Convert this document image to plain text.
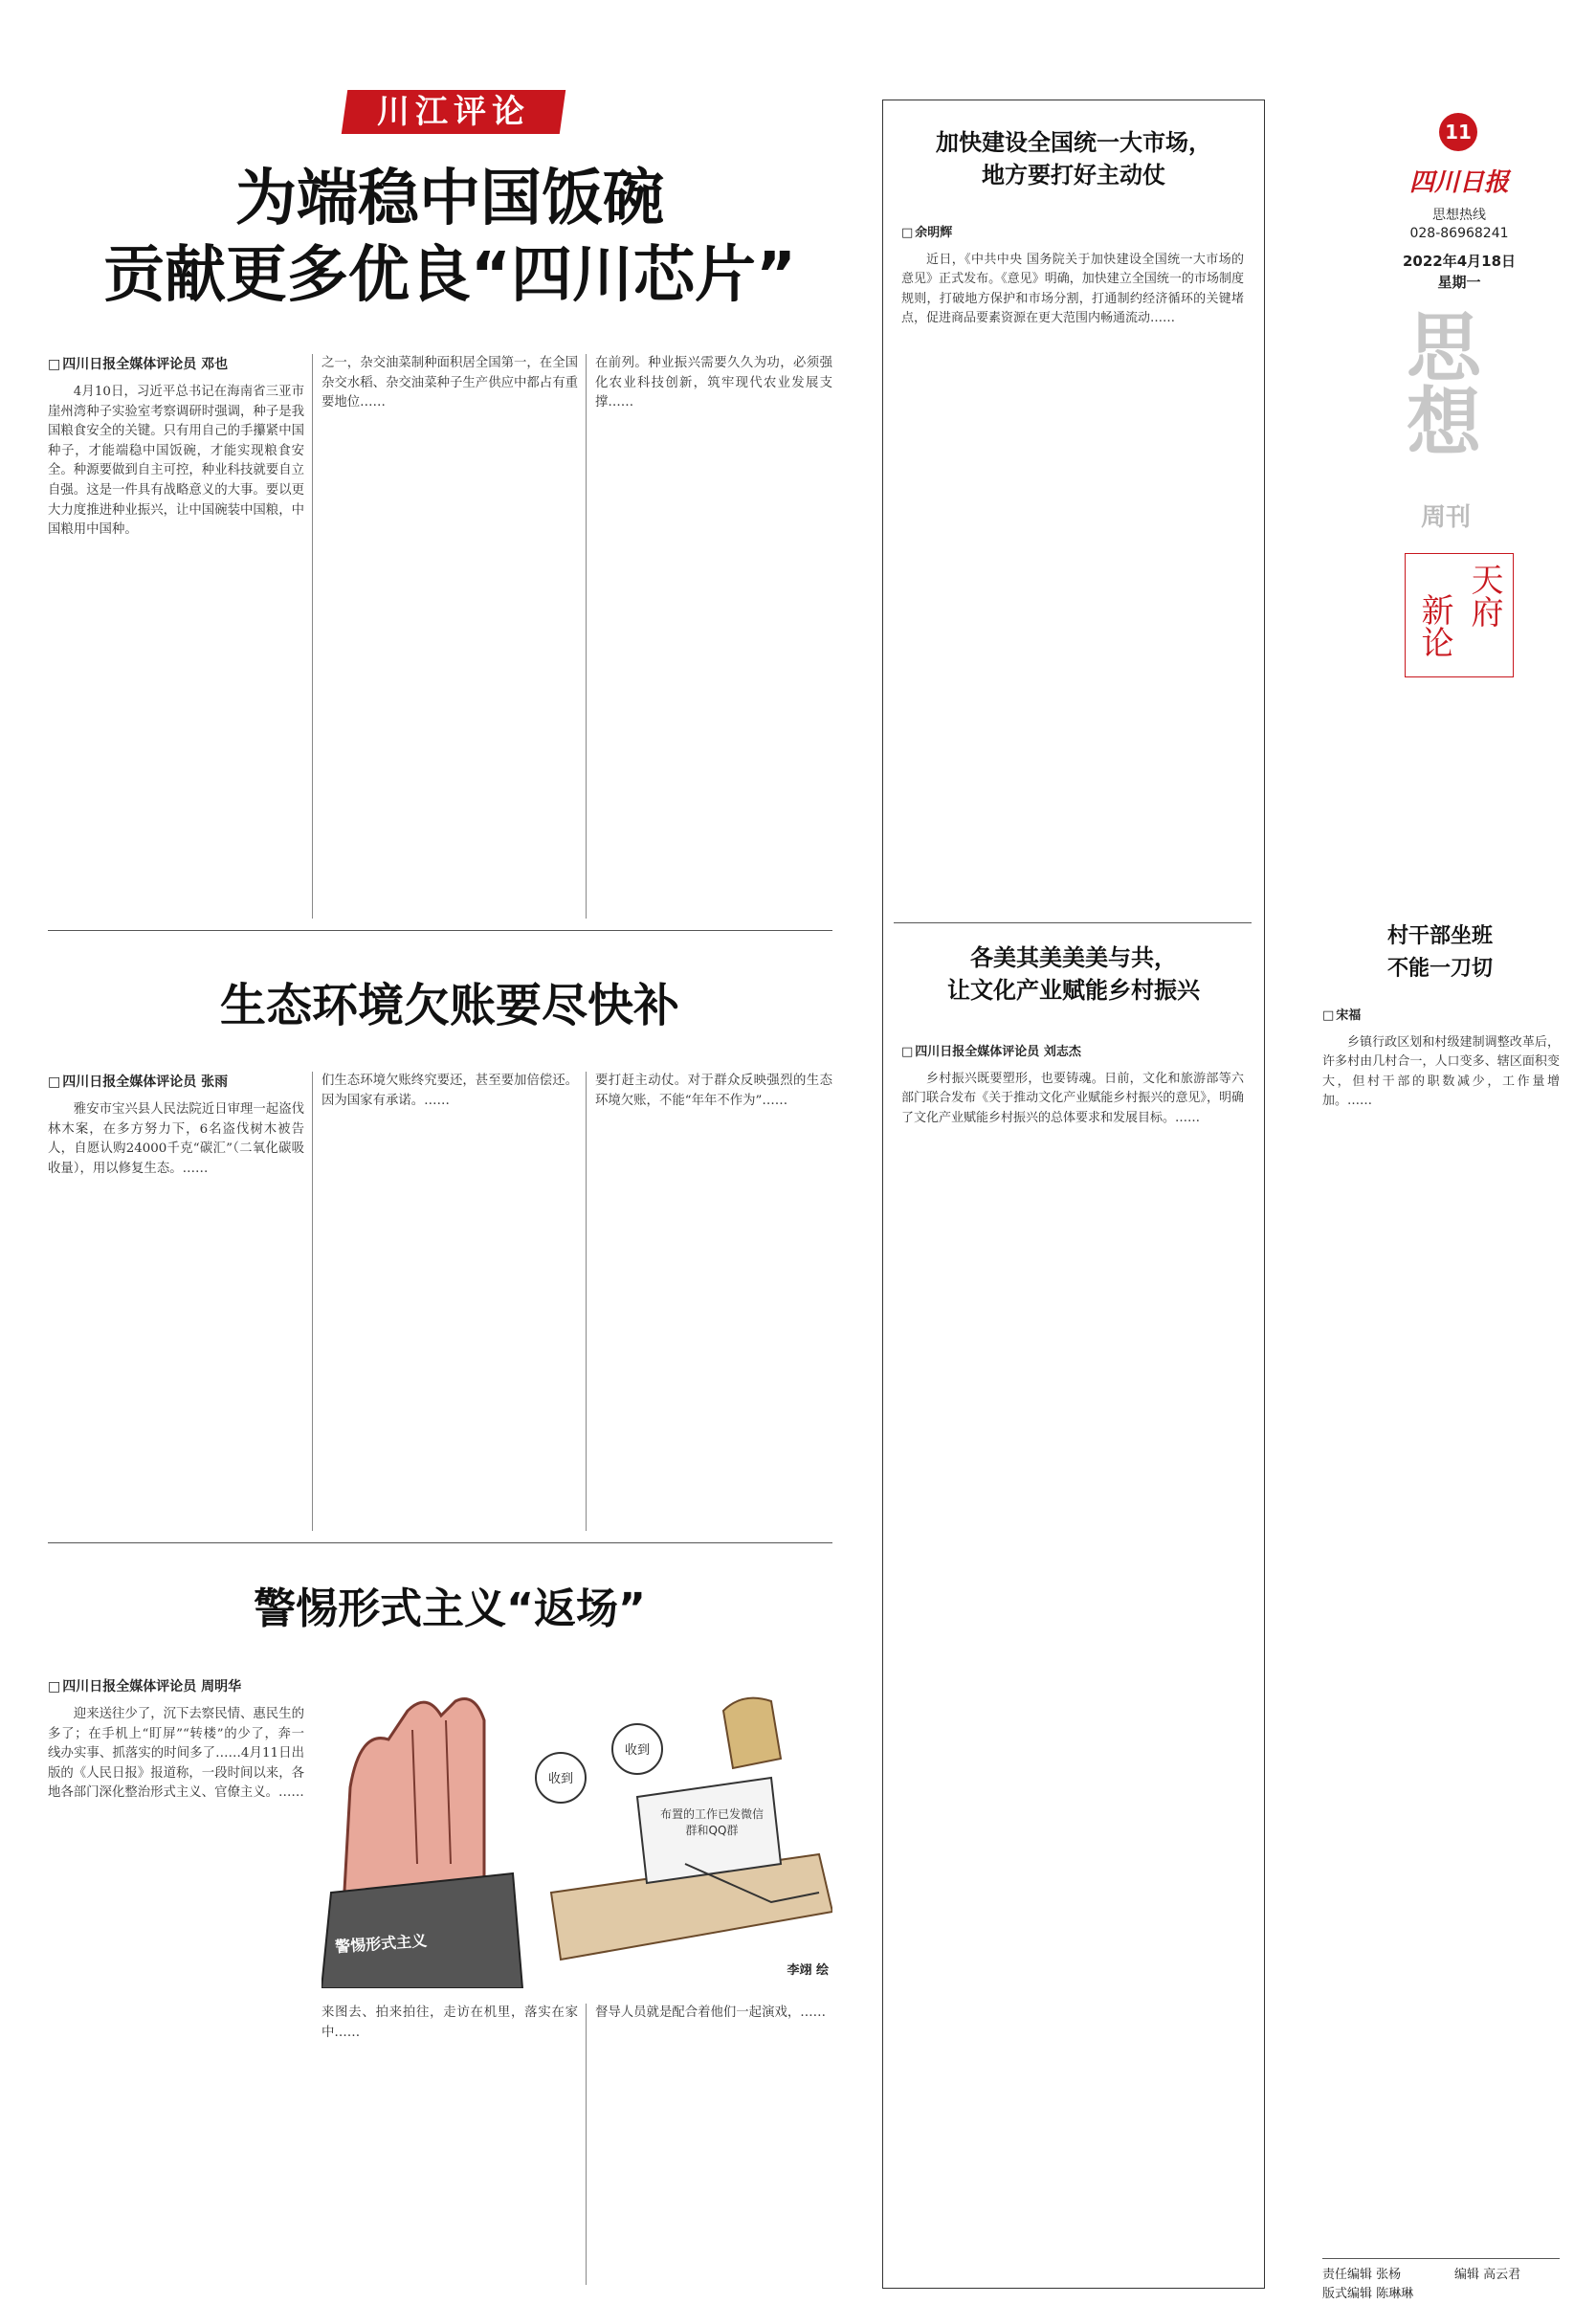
川江评论
为端稳中国饭碗
贡献更多优良“四川芯片”
□ 四川日报全媒体评论员 邓也
4月10日，习近平总书记在海南省三亚市崖州湾种子实验室考察调研时强调，种子是我国粮食安全的关键。只有用自己的手攥紧中国种子，才能端稳中国饭碗，才能实现粮食安全。种源要做到自主可控，种业科技就要自立自强。这是一件具有战略意义的大事。要以更大力度推进种业振兴，让中国碗装中国粮，中国粮用中国种。
之一，杂交油菜制种面积居全国第一，在全国杂交水稻、杂交油菜种子生产供应中都占有重要地位……
在前列。种业振兴需要久久为功，必须强化农业科技创新，筑牢现代农业发展支撑……
生态环境欠账要尽快补
□ 四川日报全媒体评论员 张雨
雅安市宝兴县人民法院近日审理一起盗伐林木案，在多方努力下，6名盗伐树木被告人，自愿认购24000千克“碳汇”（二氧化碳吸收量），用以修复生态。……
们生态环境欠账终究要还，甚至要加倍偿还。因为国家有承诺。……
要打赶主动仗。对于群众反映强烈的生态环境欠账，不能“年年不作为”……
警惕形式主义“返场”
□ 四川日报全媒体评论员 周明华
迎来送往少了，沉下去察民情、惠民生的多了；在手机上“盯屏”“转楼”的少了，奔一线办实事、抓落实的时间多了……4月11日出版的《人民日报》报道称，一段时间以来，各地各部门深化整治形式主义、官僚主义。……
收到
收到
布置的工作已发微信群和QQ群
警惕形式主义
李翊 绘
来图去、拍来拍往，走访在机里，落实在家中……
督导人员就是配合着他们一起演戏，……
加快建设全国统一大市场，
地方要打好主动仗
□ 余明辉
近日，《中共中央 国务院关于加快建设全国统一大市场的意见》正式发布。《意见》明确，加快建立全国统一的市场制度规则，打破地方保护和市场分割，打通制约经济循环的关键堵点，促进商品要素资源在更大范围内畅通流动……
各美其美美美与共，
让文化产业赋能乡村振兴
□ 四川日报全媒体评论员 刘志杰
乡村振兴既要塑形，也要铸魂。日前，文化和旅游部等六部门联合发布《关于推动文化产业赋能乡村振兴的意见》，明确了文化产业赋能乡村振兴的总体要求和发展目标。……
11
四川日报
思想热线
028-86968241
2022年4月18日
星期一
思想
周刊
天府
新论
村干部坐班
不能一刀切
□ 宋福
乡镇行政区划和村级建制调整改革后，许多村由几村合一，人口变多、辖区面积变大，但村干部的职数减少，工作量增加。……
责任编辑 张杨	编辑 高云君
版式编辑 陈琳琳
